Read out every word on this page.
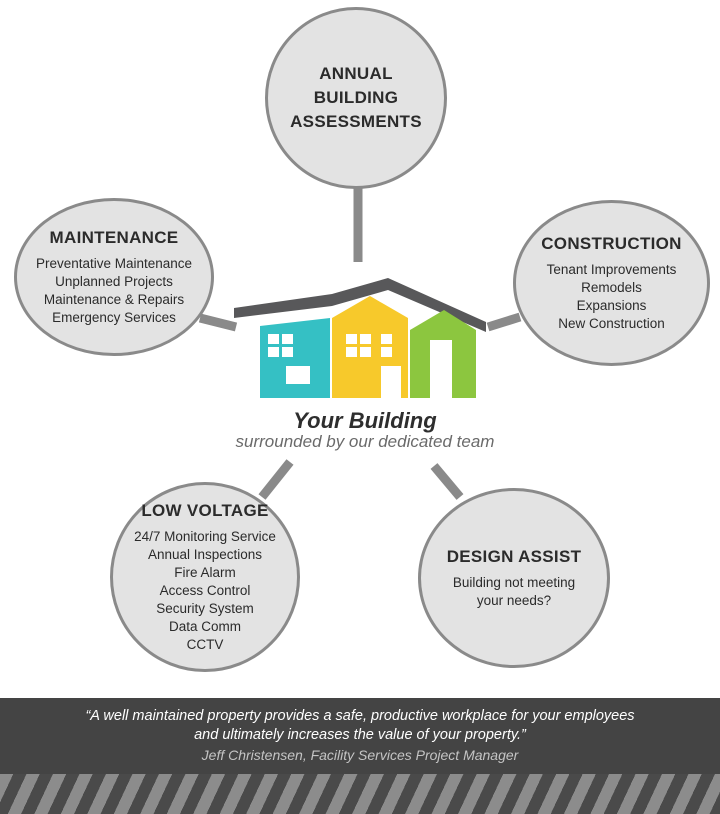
ANNUAL
BUILDING
ASSESSMENTS
MAINTENANCE
Preventative Maintenance
Unplanned Projects
Maintenance & Repairs
Emergency Services
CONSTRUCTION
Tenant Improvements
Remodels
Expansions
New Construction
LOW VOLTAGE
24/7 Monitoring Service
Annual Inspections
Fire Alarm
Access Control
Security System
Data Comm
CCTV
DESIGN ASSIST
Building not meeting
your needs?
Your Building
surrounded by our dedicated team
“A well maintained property provides a safe, productive workplace for your employees
and ultimately increases the value of your property.”
Jeff Christensen, Facility Services Project Manager
